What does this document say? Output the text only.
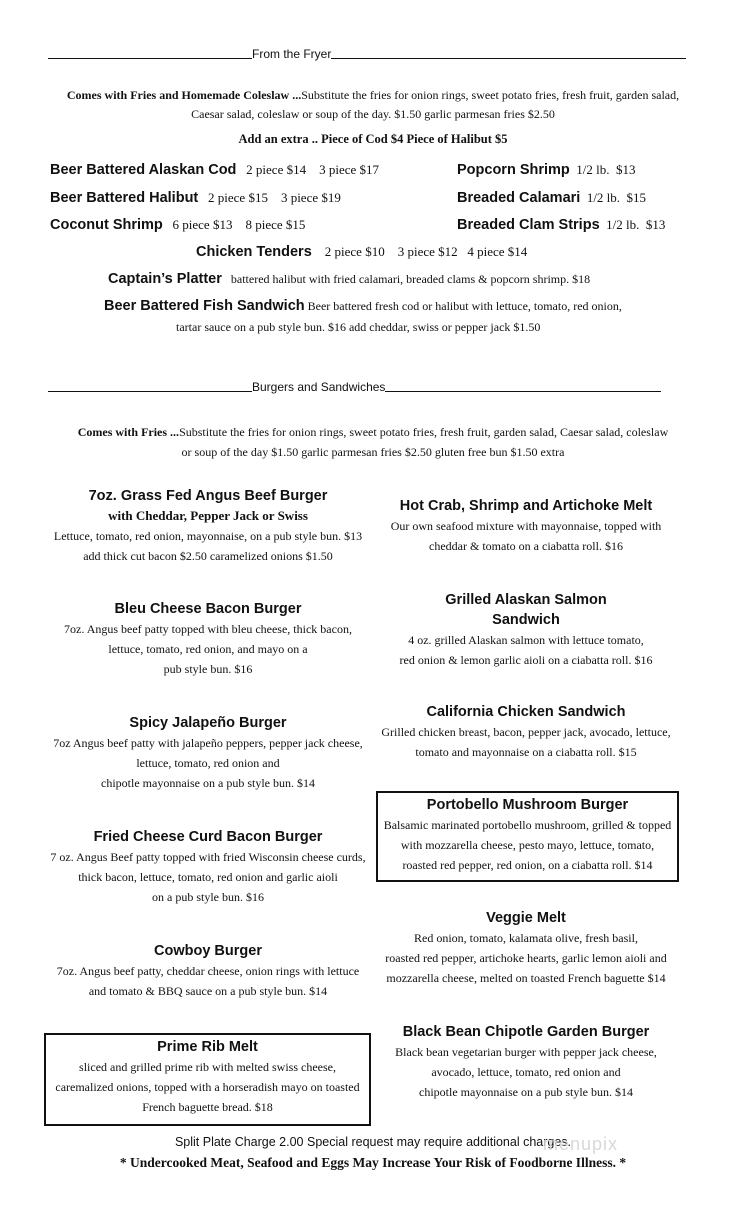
From the Fryer
Comes with Fries and Homemade Coleslaw ...Substitute the fries for onion rings, sweet potato fries, fresh fruit, garden salad,
Caesar salad, coleslaw or soup of the day. $1.50 garlic parmesan fries $2.50
Add an extra .. Piece of Cod $4 Piece of Halibut $5
Beer Battered Alaskan Cod 2 piece $14 3 piece $17
Beer Battered Halibut 2 piece $15 3 piece $19
Coconut Shrimp 6 piece $13 8 piece $15
Popcorn Shrimp 1/2 lb. $13
Breaded Calamari 1/2 lb. $15
Breaded Clam Strips 1/2 lb. $13
Chicken Tenders 2 piece $10 3 piece $12 4 piece $14
Captain’s Platter battered halibut with fried calamari, breaded clams & popcorn shrimp. $18
Beer Battered Fish Sandwich Beer battered fresh cod or halibut with lettuce, tomato, red onion,
tartar sauce on a pub style bun. $16 add cheddar, swiss or pepper jack $1.50
Burgers and Sandwiches
Comes with Fries ...Substitute the fries for onion rings, sweet potato fries, fresh fruit, garden salad, Caesar salad, coleslaw
or soup of the day $1.50 garlic parmesan fries $2.50 gluten free bun $1.50 extra
7oz. Grass Fed Angus Beef Burger
with Cheddar, Pepper Jack or Swiss
Lettuce, tomato, red onion, mayonnaise, on a pub style bun. $13
add thick cut bacon $2.50 caramelized onions $1.50
Bleu Cheese Bacon Burger
7oz. Angus beef patty topped with bleu cheese, thick bacon,
lettuce, tomato, red onion, and mayo on a
pub style bun. $16
Spicy Jalapeño Burger
7oz Angus beef patty with jalapeño peppers, pepper jack cheese,
lettuce, tomato, red onion and
chipotle mayonnaise on a pub style bun. $14
Fried Cheese Curd Bacon Burger
7 oz. Angus Beef patty topped with fried Wisconsin cheese curds,
thick bacon, lettuce, tomato, red onion and garlic aioli
on a pub style bun. $16
Cowboy Burger
7oz. Angus beef patty, cheddar cheese, onion rings with lettuce
and tomato & BBQ sauce on a pub style bun. $14
Prime Rib Melt
sliced and grilled prime rib with melted swiss cheese,
caremalized onions, topped with a horseradish mayo on toasted
French baguette bread. $18
Hot Crab, Shrimp and Artichoke Melt
Our own seafood mixture with mayonnaise, topped with
cheddar & tomato on a ciabatta roll. $16
Grilled Alaskan Salmon
Sandwich
4 oz. grilled Alaskan salmon with lettuce tomato,
red onion & lemon garlic aioli on a ciabatta roll. $16
California Chicken Sandwich
Grilled chicken breast, bacon, pepper jack, avocado, lettuce,
tomato and mayonnaise on a ciabatta roll. $15
Portobello Mushroom Burger
Balsamic marinated portobello mushroom, grilled & topped
with mozzarella cheese, pesto mayo, lettuce, tomato,
roasted red pepper, red onion, on a ciabatta roll. $14
Veggie Melt
Red onion, tomato, kalamata olive, fresh basil,
roasted red pepper, artichoke hearts, garlic lemon aioli and
mozzarella cheese, melted on toasted French baguette $14
Black Bean Chipotle Garden Burger
Black bean vegetarian burger with pepper jack cheese,
avocado, lettuce, tomato, red onion and
chipotle mayonnaise on a pub style bun. $14
Split Plate Charge 2.00 Special request may require additional charges.
* Undercooked Meat, Seafood and Eggs May Increase Your Risk of Foodborne Illness. *
menupix
